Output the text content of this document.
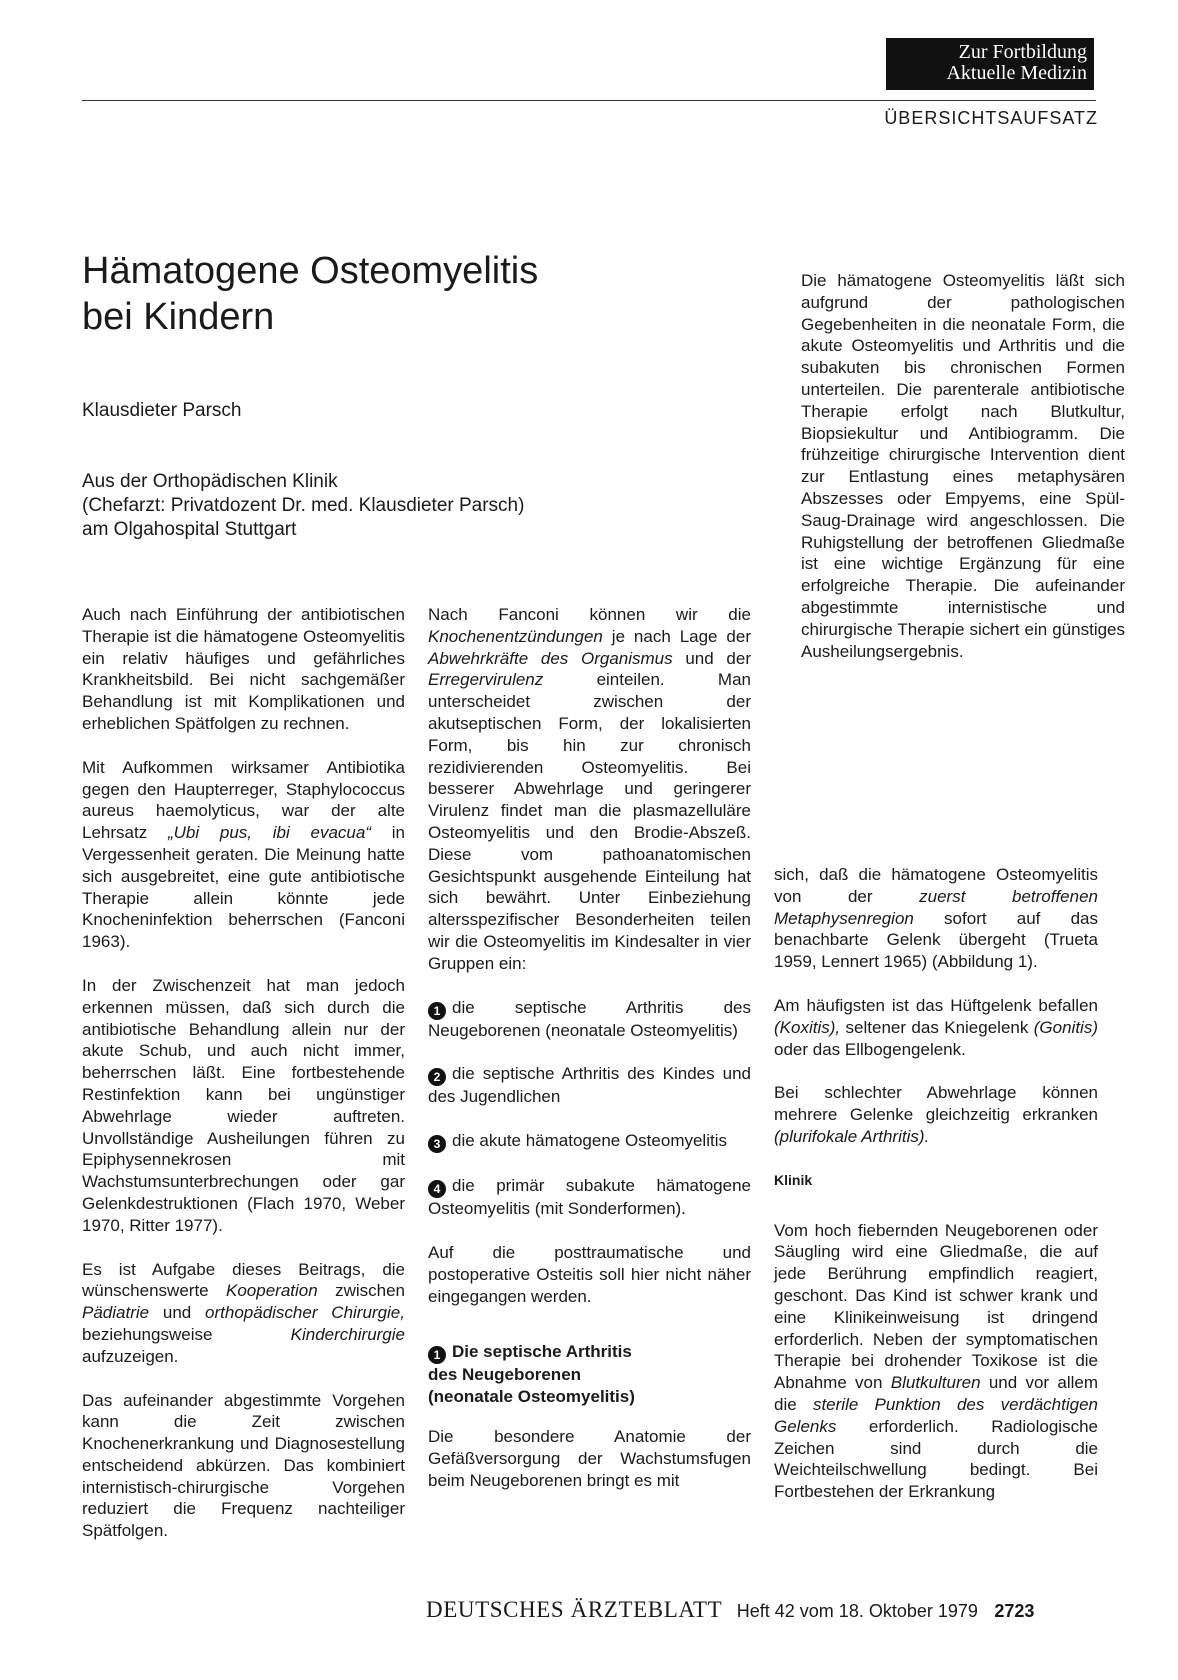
Zur Fortbildung
Aktuelle Medizin
ÜBERSICHTSAUFSATZ
Hämatogene Osteomyelitis
bei Kindern
Klausdieter Parsch
Aus der Orthopädischen Klinik
(Chefarzt: Privatdozent Dr. med. Klausdieter Parsch)
am Olgahospital Stuttgart

Die hämatogene Osteomyelitis läßt sich aufgrund der pathologischen Gegebenheiten in die neonatale Form, die akute Osteomyelitis und Arthritis und die subakuten bis chronischen Formen unterteilen. Die parenterale antibiotische Therapie erfolgt nach Blutkultur, Biopsiekultur und Antibiogramm. Die frühzeitige chirurgische Intervention dient zur Entlastung eines metaphysären Abszesses oder Empyems, eine Spül-Saug-Drainage wird angeschlossen. Die Ruhigstellung der betroffenen Gliedmaße ist eine wichtige Ergänzung für eine erfolgreiche Therapie. Die aufeinander abgestimmte internistische und chirurgische Therapie sichert ein günstiges Ausheilungsergebnis.

Auch nach Einführung der antibiotischen Therapie ist die hämatogene Osteomyelitis ein relativ häufiges und gefährliches Krankheitsbild. Bei nicht sachgemäßer Behandlung ist mit Komplikationen und erheblichen Spätfolgen zu rechnen.

Mit Aufkommen wirksamer Antibiotika gegen den Haupterreger, Staphylococcus aureus haemolyticus, war der alte Lehrsatz „Ubi pus, ibi evacua“ in Vergessenheit geraten. Die Meinung hatte sich ausgebreitet, eine gute antibiotische Therapie allein könnte jede Knocheninfektion beherrschen (Fanconi 1963).

In der Zwischenzeit hat man jedoch erkennen müssen, daß sich durch die antibiotische Behandlung allein nur der akute Schub, und auch nicht immer, beherrschen läßt. Eine fortbestehende Restinfektion kann bei ungünstiger Abwehrlage wieder auftreten. Unvollständige Ausheilungen führen zu Epiphysennekrosen mit Wachstumsunterbrechungen oder gar Gelenkdestruktionen (Flach 1970, Weber 1970, Ritter 1977).

Es ist Aufgabe dieses Beitrags, die wünschenswerte Kooperation zwischen Pädiatrie und orthopädischer Chirurgie, beziehungsweise Kinderchirurgie aufzuzeigen.

Das aufeinander abgestimmte Vorgehen kann die Zeit zwischen Knochenerkrankung und Diagnosestellung entscheidend abkürzen. Das kombiniert internistisch-chirurgische Vorgehen reduziert die Frequenz nachteiliger Spätfolgen.

Nach Fanconi können wir die Knochenentzündungen je nach Lage der Abwehrkräfte des Organismus und der Erregervirulenz einteilen. Man unterscheidet zwischen der akutseptischen Form, der lokalisierten Form, bis hin zur chronisch rezidivierenden Osteomyelitis. Bei besserer Abwehrlage und geringerer Virulenz findet man die plasmazelluläre Osteomyelitis und den Brodie-Abszeß. Diese vom pathoanatomischen Gesichtspunkt ausgehende Einteilung hat sich bewährt. Unter Einbeziehung altersspezifischer Besonderheiten teilen wir die Osteomyelitis im Kindesalter in vier Gruppen ein:

1 die septische Arthritis des Neugeborenen (neonatale Osteomyelitis)

2 die septische Arthritis des Kindes und des Jugendlichen

3 die akute hämatogene Osteomyelitis

4 die primär subakute hämatogene Osteomyelitis (mit Sonderformen).

Auf die posttraumatische und postoperative Osteitis soll hier nicht näher eingegangen werden.

1 Die septische Arthritis
des Neugeborenen
(neonatale Osteomyelitis)

Die besondere Anatomie der Gefäßversorgung der Wachstumsfugen beim Neugeborenen bringt es mit

sich, daß die hämatogene Osteomyelitis von der zuerst betroffenen Metaphysenregion sofort auf das benachbarte Gelenk übergeht (Trueta 1959, Lennert 1965) (Abbildung 1).

Am häufigsten ist das Hüftgelenk befallen (Koxitis), seltener das Kniegelenk (Gonitis) oder das Ellbogengelenk.

Bei schlechter Abwehrlage können mehrere Gelenke gleichzeitig erkranken (plurifokale Arthritis).

Klinik

Vom hoch fiebernden Neugeborenen oder Säugling wird eine Gliedmaße, die auf jede Berührung empfindlich reagiert, geschont. Das Kind ist schwer krank und eine Klinikeinweisung ist dringend erforderlich. Neben der symptomatischen Therapie bei drohender Toxikose ist die Abnahme von Blutkulturen und vor allem die sterile Punktion des verdächtigen Gelenks erforderlich. Radiologische Zeichen sind durch die Weichteilschwellung bedingt. Bei Fortbestehen der Erkrankung

DEUTSCHES ÄRZTEBLATT Heft 42 vom 18. Oktober 1979 2723
